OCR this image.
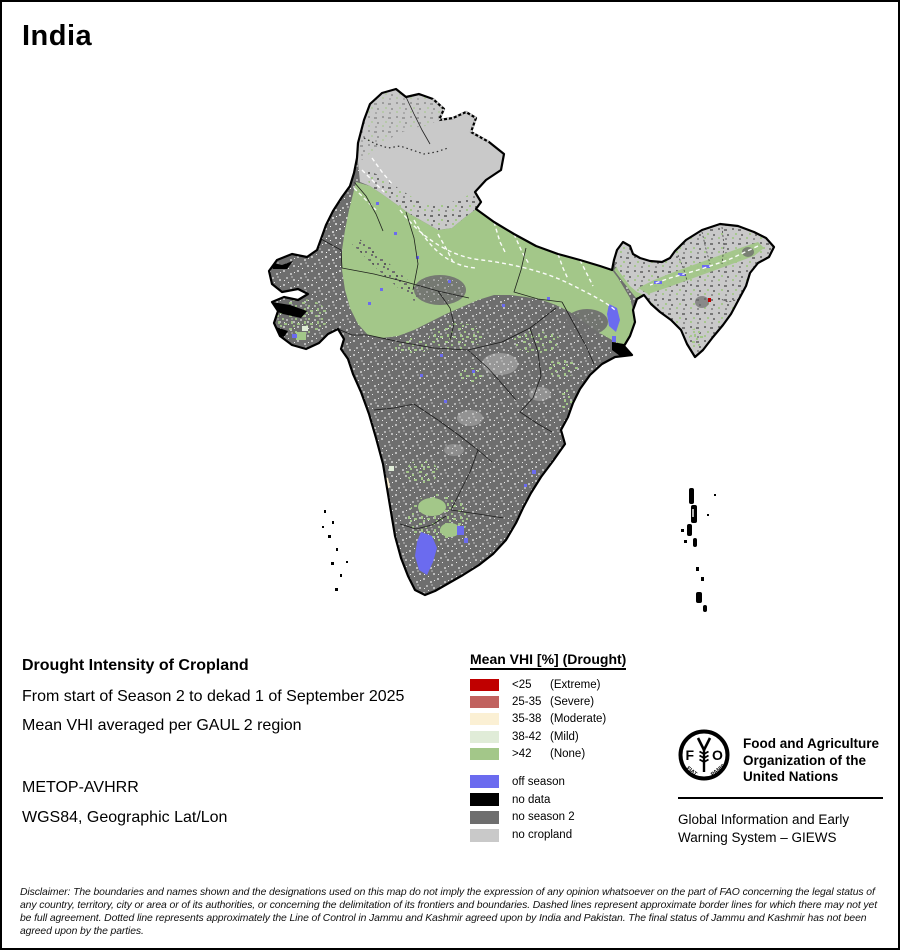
India
Drought Intensity of Cropland
From start of Season 2 to dekad 1 of September 2025
Mean VHI averaged per GAUL 2 region
METOP-AVHRR
WGS84, Geographic Lat/Lon
Mean VHI [%] (Drought)
<25	(Extreme)
25-35 (Severe)
35-38 (Moderate)
38-42 (Mild)
>42	(None)
off season
no data
no season 2
no cropland
F O
FIAT PANIS
Food and Agriculture
Organization of the
United Nations
Global Information and Early
Warning System – GIEWS
Disclaimer: The boundaries and names shown and the designations used on this map do not imply the expression of any opinion whatsoever on the part of FAO concerning the legal status of any country, territory, city or area or of its authorities, or concerning the delimitation of its frontiers and boundaries. Dashed lines represent approximate border lines for which there may not yet be full agreement. Dotted line represents approximately the Line of Control in Jammu and Kashmir agreed upon by India and Pakistan. The final status of Jammu and Kashmir has not been agreed upon by the parties.
